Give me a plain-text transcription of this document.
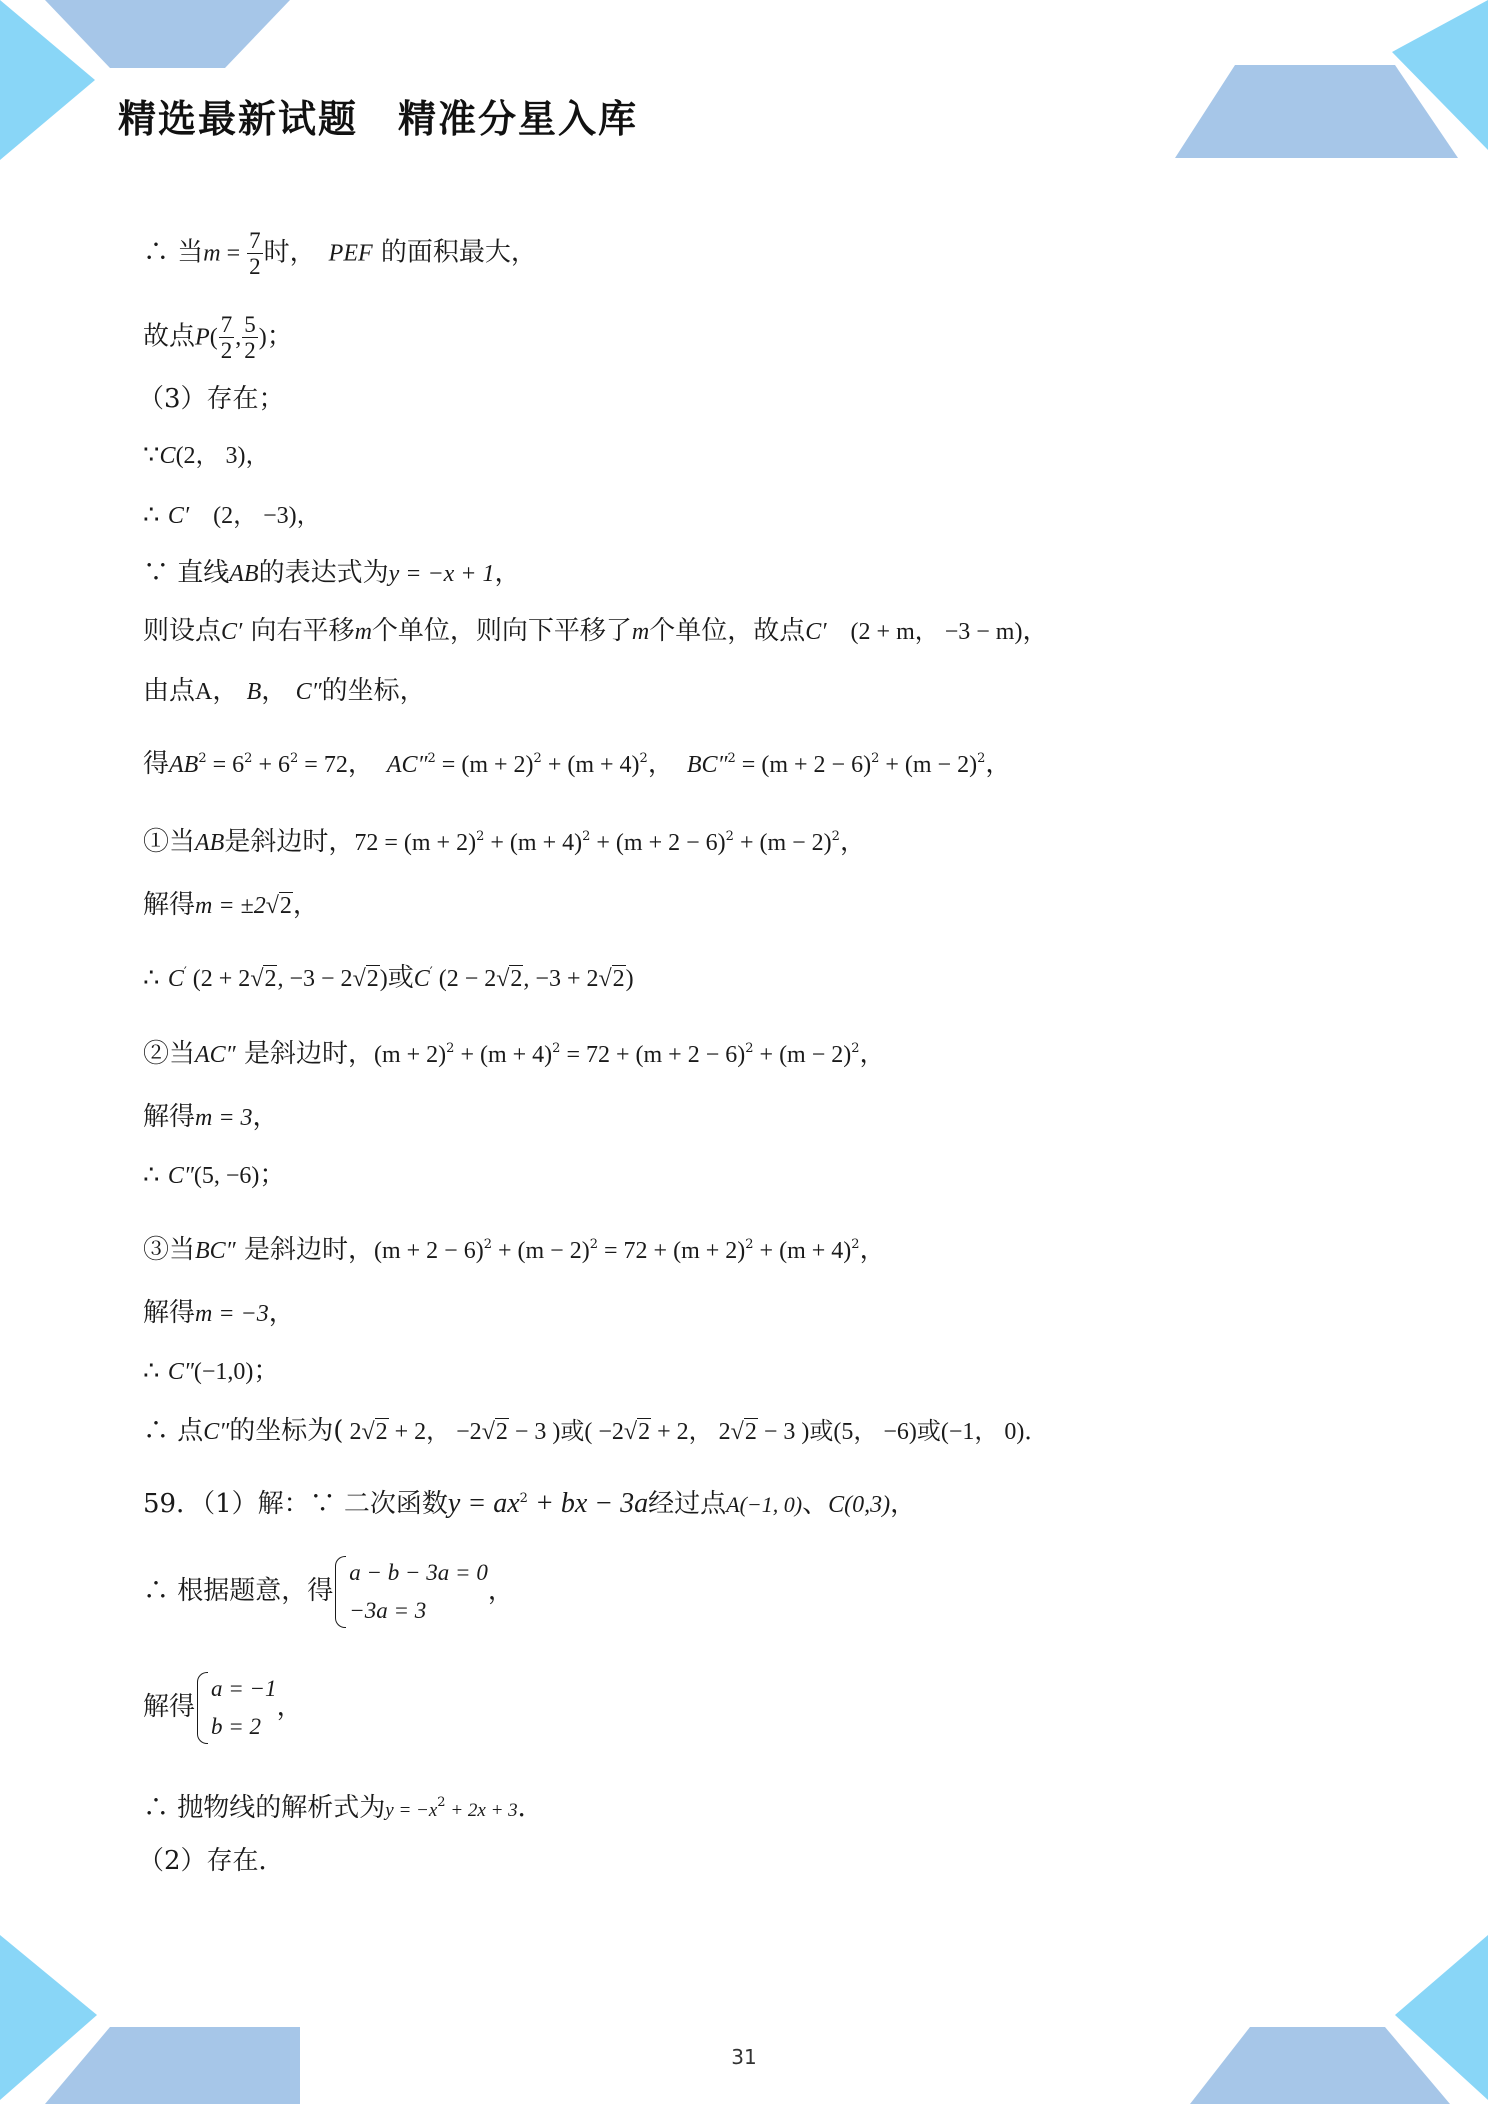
精选最新试题　精准分星入库
∴ 当$m = \frac{7}{2}$ 时，　PEF 的面积最大，
故点$P( \frac{7}{2}$ , $\frac{5}{2}$ )；
（3）存在；
∵C(2， 3)，
∴ C′　(2， −3)，
∵ 直线AB的表达式为y = −x + 1，
则设点C′ 向右平移m个单位，则向下平移了m个单位，故点C′　(2 + m， −3 − m)，
由点A， B， C″的坐标，
得$AB^2 = 6^2 + 6^2 = 72$，　$AC''^2 = (m + 2)^2 + (m + 4)^2$，　$BC''^2 = (m + 2 - 6)^2 + (m - 2)^2$，
①当AB是斜边时，$72 = (m + 2)^2 + (m + 4)^2 + (m + 2 - 6)^2 + (m - 2)^2$，
解得m = ±2√2，
∴ C′ (2 + 2√2, −3 − 2√2)或C′ (2 − 2√2, −3 + 2√2)
②当AC″ 是斜边时，$(m + 2)^2 + (m + 4)^2 = 72 + (m + 2 - 6)^2 + (m - 2)^2$，
解得m = 3，
∴ C″(5, −6)；
③当BC″ 是斜边时，$(m + 2 - 6)^2 + (m - 2)^2 = 72 + (m + 2)^2 + (m + 4)^2$，
解得m = −3，
∴ C″(−1,0)；
∴ 点C″的坐标为( 2√2 + 2， −2√2 − 3 )或( −2√2 + 2， 2√2 − 3 )或(5， −6)或(−1， 0)．
59．（1）解：∵ 二次函数$y = ax^2$ + bx − 3a经过点A(−1, 0)、C(0,3)，
∴ 根据题意，得
a − b − 3a = 0
−3a = 3
，
解得
a = −1
b = 2
，
∴ 抛物线的解析式为$y = -x^2 + 2x + 3$．
（2）存在．
31
